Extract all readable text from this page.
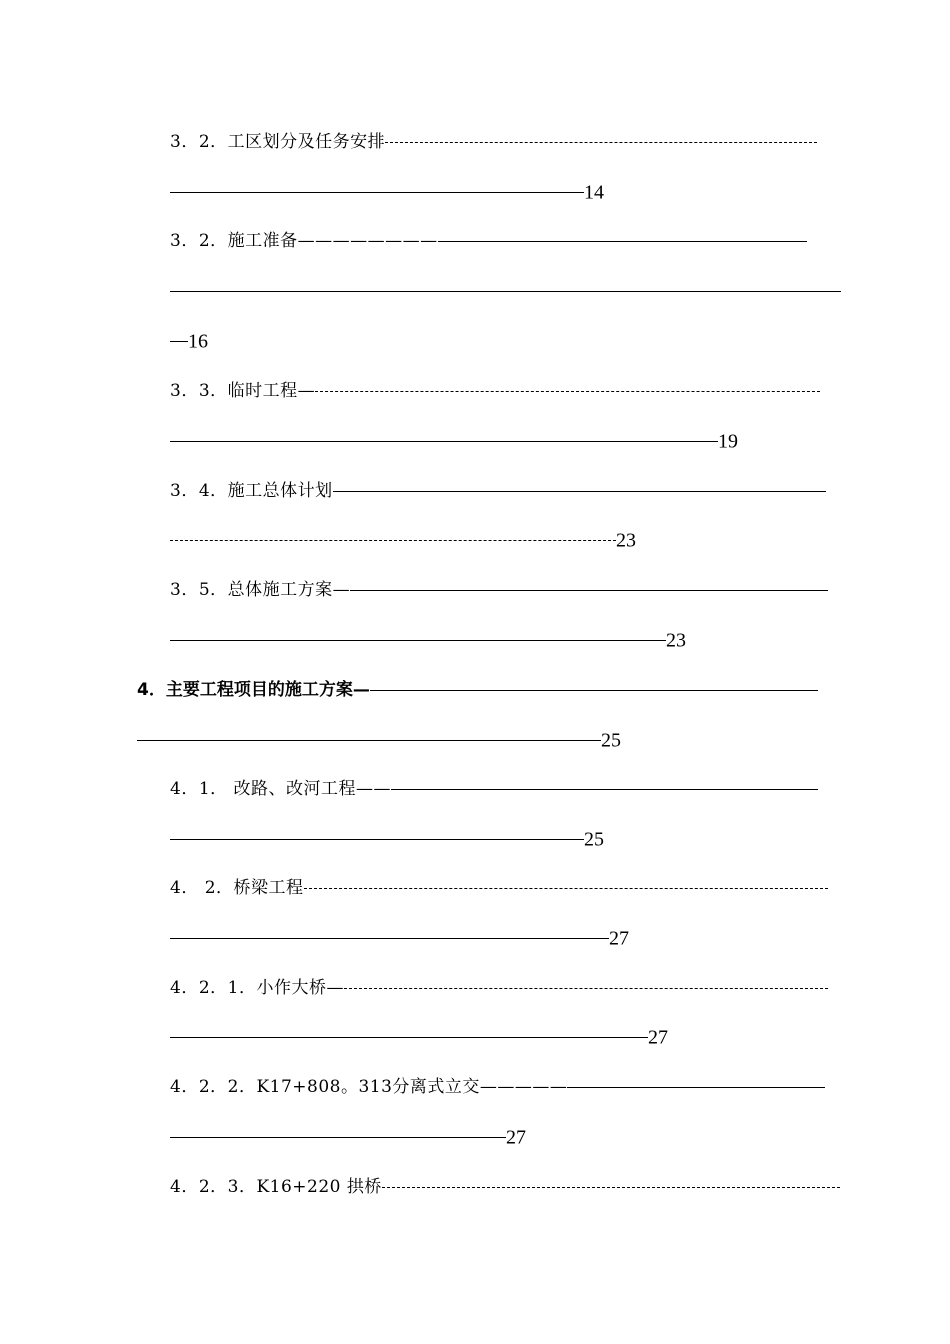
3．2．工区划分及任务安排
14
3．2．施工准备————————
16
3．3．临时工程—
19
3．4．施工总体计划
23
3．5．总体施工方案—
23
4．主要工程项目的施工方案—
25
4．1． 改路、改河工程——
25
4． 2．桥梁工程
27
4．2．1．小作大桥—
27
4．2．2．K17+808。313分离式立交—————
27
4．2．3．K16+220 拱桥
